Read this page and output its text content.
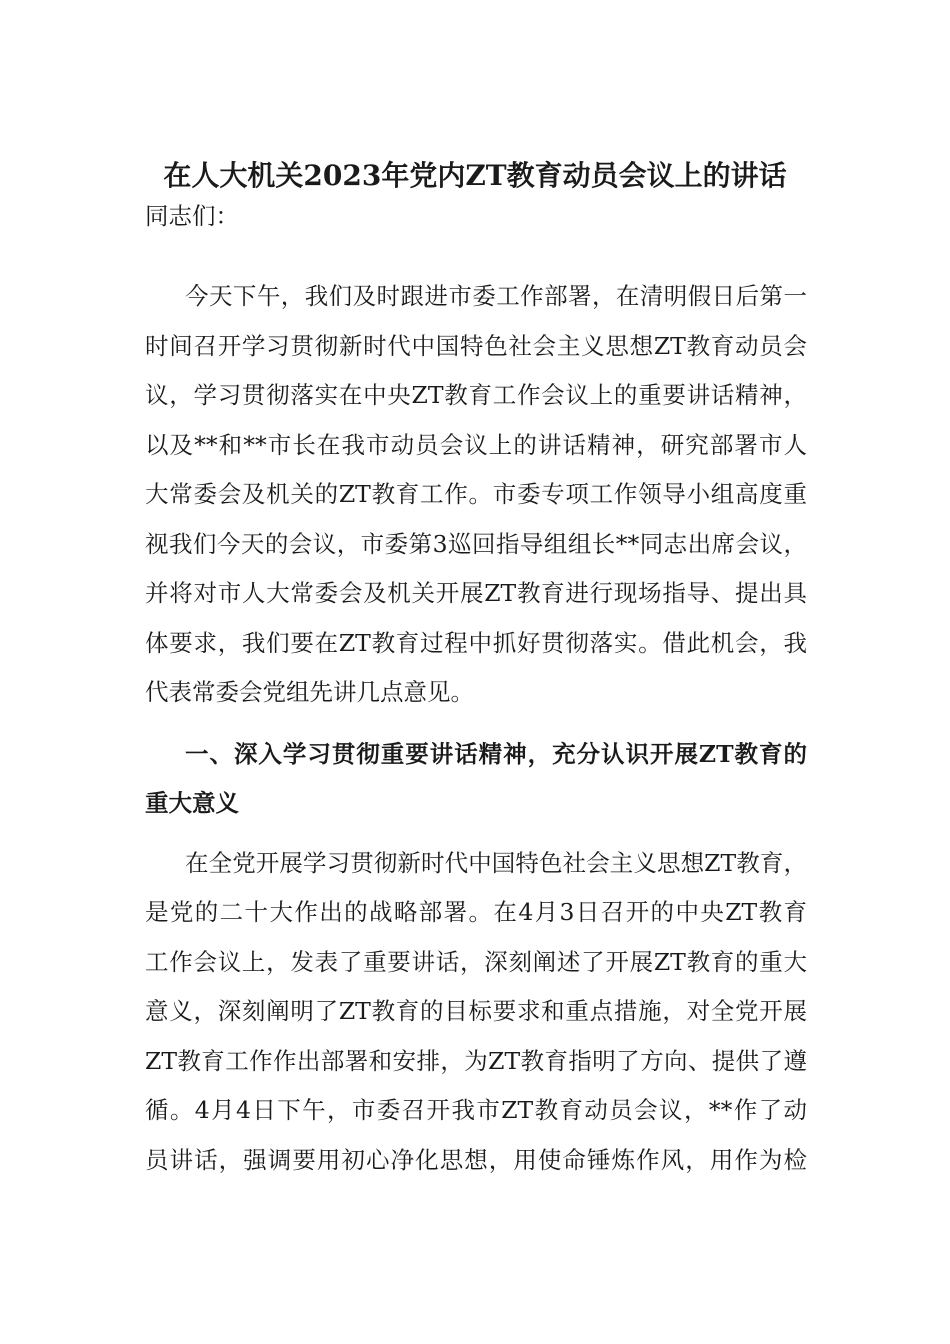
在人大机关2023年党内ZT教育动员会议上的讲话

同志们：

今天下午，我们及时跟进市委工作部署，在清明假日后第一

时间召开学习贯彻新时代中国特色社会主义思想ZT教育动员会

议，学习贯彻落实在中央ZT教育工作会议上的重要讲话精神，

以及**和**市长在我市动员会议上的讲话精神，研究部署市人

大常委会及机关的ZT教育工作。市委专项工作领导小组高度重

视我们今天的会议，市委第3巡回指导组组长**同志出席会议，

并将对市人大常委会及机关开展ZT教育进行现场指导、提出具

体要求，我们要在ZT教育过程中抓好贯彻落实。借此机会，我

代表常委会党组先讲几点意见。

一、深入学习贯彻重要讲话精神，充分认识开展ZT教育的

重大意义

在全党开展学习贯彻新时代中国特色社会主义思想ZT教育，

是党的二十大作出的战略部署。在4月3日召开的中央ZT教育

工作会议上，发表了重要讲话，深刻阐述了开展ZT教育的重大

意义，深刻阐明了ZT教育的目标要求和重点措施，对全党开展

ZT教育工作作出部署和安排，为ZT教育指明了方向、提供了遵

循。4月4日下午，市委召开我市ZT教育动员会议，**作了动

员讲话，强调要用初心净化思想，用使命锤炼作风，用作为检
